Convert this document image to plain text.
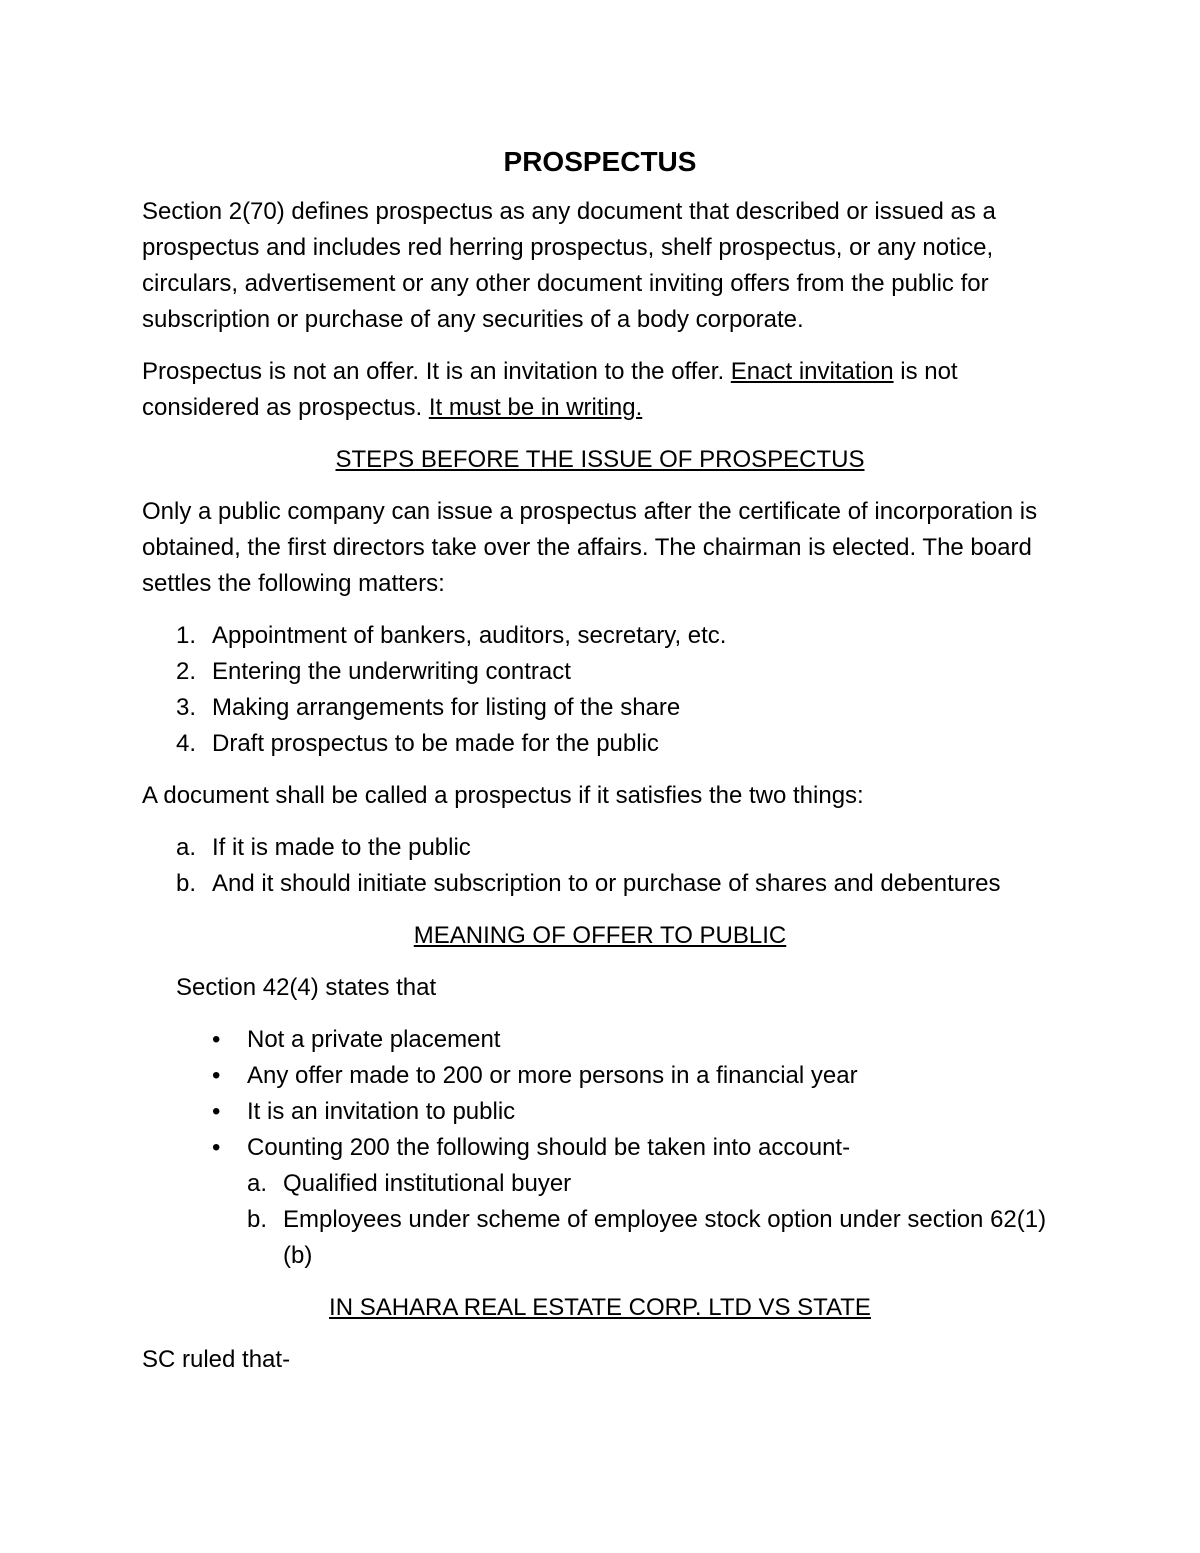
PROSPECTUS

Section 2(70) defines prospectus as any document that described or issued as a prospectus and includes red herring prospectus, shelf prospectus, or any notice, circulars, advertisement or any other document inviting offers from the public for subscription or purchase of any securities of a body corporate.

Prospectus is not an offer. It is an invitation to the offer. Enact invitation is not considered as prospectus. It must be in writing.

STEPS BEFORE THE ISSUE OF PROSPECTUS

Only a public company can issue a prospectus after the certificate of incorporation is obtained, the first directors take over the affairs. The chairman is elected. The board settles the following matters:

1. Appointment of bankers, auditors, secretary, etc.
2. Entering the underwriting contract
3. Making arrangements for listing of the share
4. Draft prospectus to be made for the public

A document shall be called a prospectus if it satisfies the two things:

a. If it is made to the public
b. And it should initiate subscription to or purchase of shares and debentures
MEANING OF OFFER TO PUBLIC

Section 42(4) states that

• Not a private placement
• Any offer made to 200 or more persons in a financial year
• It is an invitation to public
• Counting 200 the following should be taken into account-
a. Qualified institutional buyer
b. Employees under scheme of employee stock option under section 62(1)(b)
IN SAHARA REAL ESTATE CORP. LTD VS STATE

SC ruled that-
